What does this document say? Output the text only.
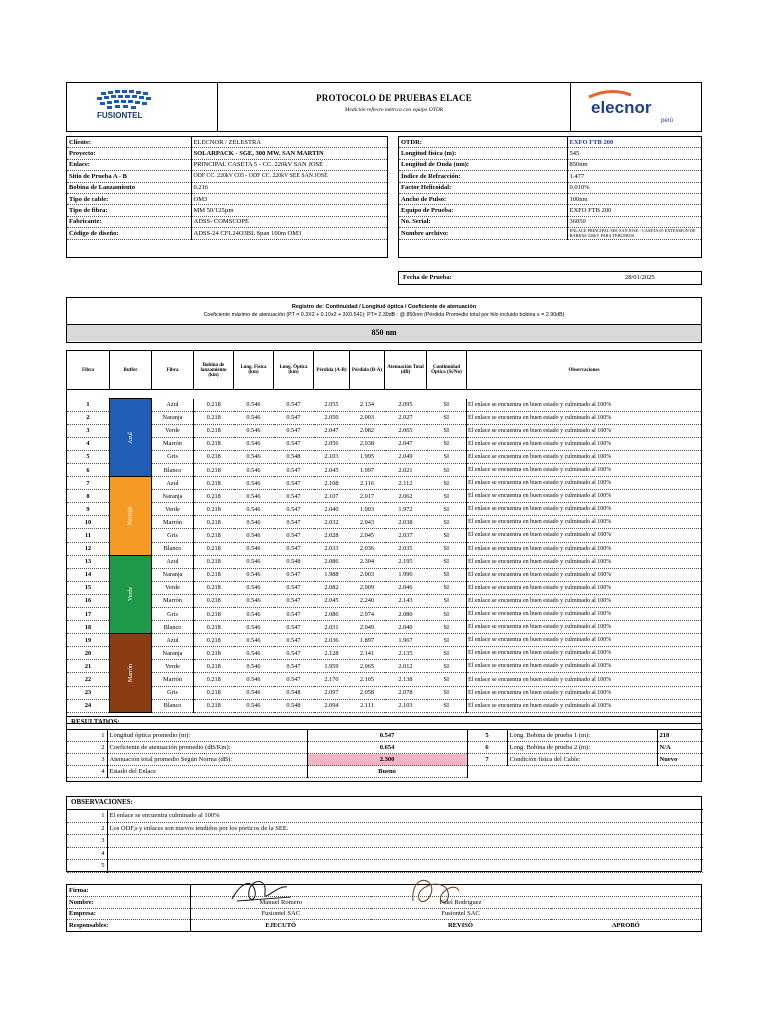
FUSIONTEL
PROTOCOLO DE PRUEBAS ELACE
Medición reflecto métrica con equipo OTDR	elecnor
perú
Cliente:	ELECNOR / ZELESTRA
Proyecto:	SOLARPACK - SGE, 300 MW. SAN MARTIN
Enlace:	PRINCIPAL CASETA 5 - CC. 220kV SAN JOSÉ
Sitio de Prueba A - B	ODF CC. 220kV C05 - ODF CC. 220kV SEE SAN JOSÉ
Bobina de Lanzamiento	0.216
Tipo de cable:	OM3
Tipo de fibra:	MM 50/125µm
Fabricante:	ADSS- COMSCOPE
Código de diseño:	ADSS-24 CFL24O3BL Span 100m OM3
OTDR:	EXFO FTB 200
Longitud física (m):	545
Longitud de Onda (nm):	850nm
Índice de Refracción:	1.477
Factor Helicoidal:	0.010%
Ancho de Pulso:	100nm
Equipo de Prueba:	EXFO FTB 200
No. Serial:	36050
Nombre archivo:	ENLACE PRINCIPAL SEE SAN JOSE - CASETA 05 EXTENSION DE BARRAS 220kV PARA TERCEROS
Fecha de Prueba:	28/01/2025
Registro de: Continuidad / Longitud óptica / Coeficiente de atenuación
Coeficiente máximo de atenuación (PT = 0.3X2 + 0.10x2 + 3X0.541); PT= 2.30dB : @ 850nm (Pérdida Promedio total por hilo incluido bobina ≤ = 2.90dB)
850 nm
Fibra	Buffer	Fibra	Bobina de lanzamiento (km)	Long. Física (km)	Long. Óptica (km)	Pérdida (A-B)	Pérdida (B-A)	Atenuación Total (dB)	Continuidad Óptica (Sí/No)	Observaciones

1	Azul	Azul	0.218	0.546	0.547	2.055	2.134	2.095	SI	El enlace se encuentra en buen estado y culminado al 100%
2		Naranja	0.218	0.546	0.547	2.050	2.003	2.027	SI	El enlace se encuentra en buen estado y culminado al 100%
3		Verde	0.218	0.546	0.547	2.047	2.082	2.065	SI	El enlace se encuentra en buen estado y culminado al 100%
4		Marrón	0.218	0.546	0.547	2.056	2.038	2.047	SI	El enlace se encuentra en buen estado y culminado al 100%
5		Gris	0.218	0.546	0.548	2.103	1.995	2.049	SI	El enlace se encuentra en buen estado y culminado al 100%
6		Blanco	0.218	0.546	0.547	2.045	1.997	2.021	SI	El enlace se encuentra en buen estado y culminado al 100%
7	Naranja	Azul	0.218	0.546	0.547	2.108	2.116	2.112	SI	El enlace se encuentra en buen estado y culminado al 100%
8		Naranja	0.218	0.546	0.547	2.107	2.017	2.062	SI	El enlace se encuentra en buen estado y culminado al 100%
9		Verde	0.218	0.546	0.547	2.040	1.903	1.972	SI	El enlace se encuentra en buen estado y culminado al 100%
10		Marrón	0.218	0.546	0.547	2.032	2.043	2.038	SI	El enlace se encuentra en buen estado y culminado al 100%
11		Gris	0.218	0.546	0.547	2.028	2.045	2.037	SI	El enlace se encuentra en buen estado y culminado al 100%
12		Blanco	0.218	0.546	0.547	2.033	2.036	2.035	SI	El enlace se encuentra en buen estado y culminado al 100%
13	Verde	Azul	0.218	0.546	0.548	2.086	2.304	2.195	SI	El enlace se encuentra en buen estado y culminado al 100%
14		Naranja	0.218	0.546	0.547	1.988	2.003	1.996	SI	El enlace se encuentra en buen estado y culminado al 100%
15		Verde	0.218	0.546	0.547	2.082	2.009	2.046	SI	El enlace se encuentra en buen estado y culminado al 100%
16		Marrón	0.218	0.546	0.547	2.045	2.240	2.143	SI	El enlace se encuentra en buen estado y culminado al 100%
17		Gris	0.218	0.546	0.547	2.086	2.074	2.080	SI	El enlace se encuentra en buen estado y culminado al 100%
18		Blanco	0.218	0.546	0.547	2.031	2.049	2.040	SI	El enlace se encuentra en buen estado y culminado al 100%
19	Marrón	Azul	0.218	0.546	0.547	2.036	1.897	1.967	SI	El enlace se encuentra en buen estado y culminado al 100%
20		Naranja	0.218	0.546	0.547	2.128	2.141	2.135	SI	El enlace se encuentra en buen estado y culminado al 100%
21		Verde	0.218	0.546	0.547	1.959	2.065	2.012	SI	El enlace se encuentra en buen estado y culminado al 100%
22		Marrón	0.218	0.546	0.547	2.170	2.105	2.138	SI	El enlace se encuentra en buen estado y culminado al 100%
23		Gris	0.218	0.546	0.548	2.097	2.058	2.078	SI	El enlace se encuentra en buen estado y culminado al 100%
24		Blanco	0.218	0.546	0.548	2.094	2.111	2.103	SI	El enlace se encuentra en buen estado y culminado al 100%

RESULTADOS:
1	Longitud óptica promedio (m):	0.547	5	Long. Bobina de prueba 1 (m):	218
2	Coeficiente de atenuación promedio (dB/Km):	0.654	6	Long. Bobina de prueba 2 (m):	N/A
3	Atenuación total promedio Según Norma (dB):	2.300	7	Condición física del Cable:	Nuevo
4	Estado del Enlace	Bueno			
OBSERVACIONES:
1	El enlace se encuentra culminado al 100%
2	Los ODF,s y enlaces son nuevos tendidos por los pórticos de la SEE.
3	
4	
5	
Firma:	

Nombre:	Manuel Romero	Fidel Rodriguez	
Empresa:	Fusiontel SAC	Fusiontel SAC	
Responsables:	EJECUTÓ	REVISÓ	APROBÓ
